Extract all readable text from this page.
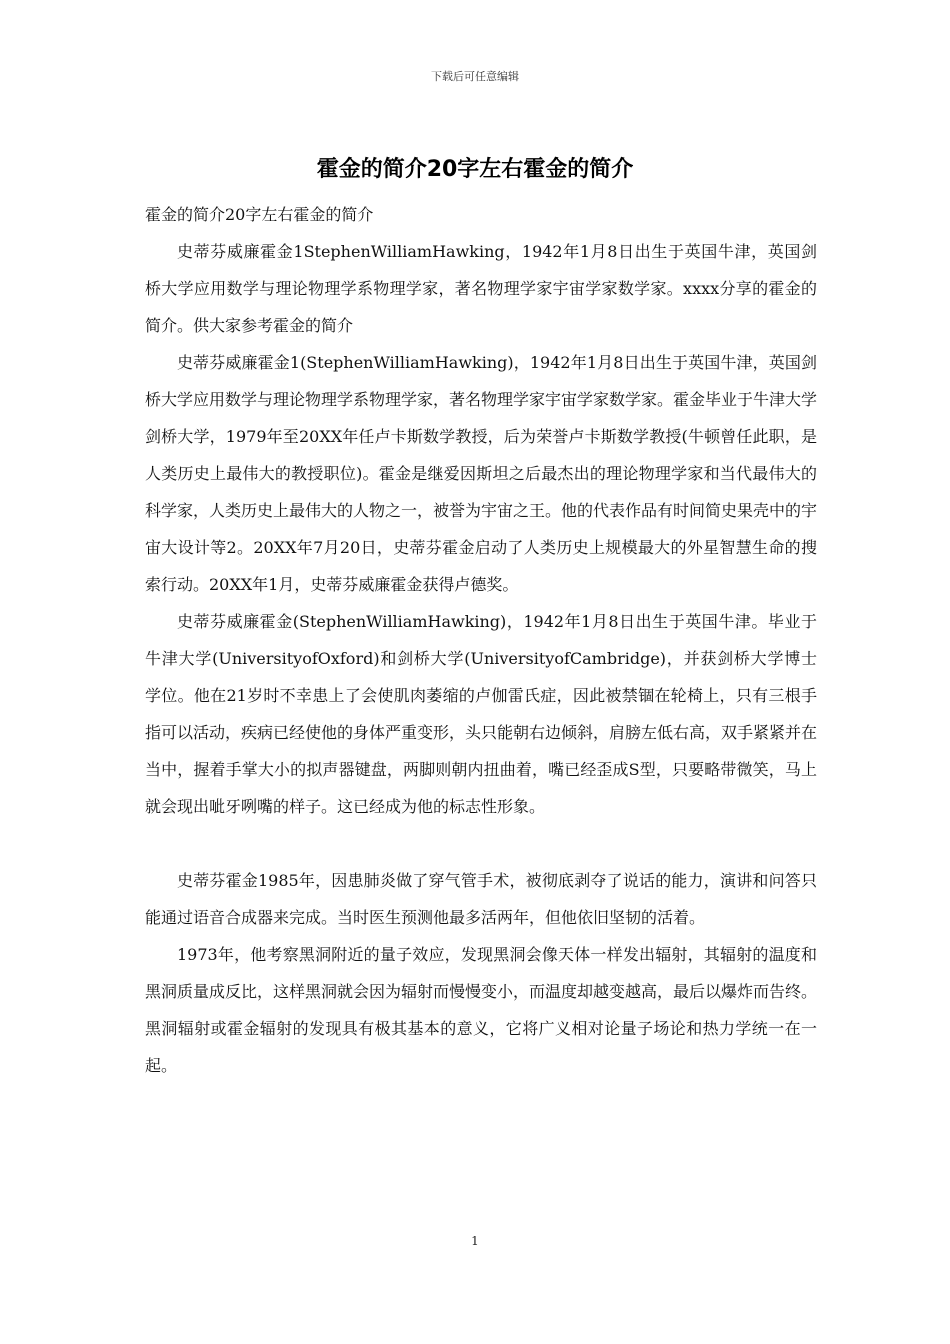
下载后可任意编辑
霍金的简介20字左右霍金的简介

霍金的简介20字左右霍金的简介

史蒂芬威廉霍金1StephenWilliamHawking，1942年1月8日出生于英国牛津，英国剑桥大学应用数学与理论物理学系物理学家，著名物理学家宇宙学家数学家。xxxx分享的霍金的简介。供大家参考霍金的简介

史蒂芬威廉霍金1(StephenWilliamHawking)，1942年1月8日出生于英国牛津，英国剑桥大学应用数学与理论物理学系物理学家，著名物理学家宇宙学家数学家。霍金毕业于牛津大学剑桥大学，1979年至20XX年任卢卡斯数学教授，后为荣誉卢卡斯数学教授(牛顿曾任此职，是人类历史上最伟大的教授职位)。霍金是继爱因斯坦之后最杰出的理论物理学家和当代最伟大的科学家，人类历史上最伟大的人物之一，被誉为宇宙之王。他的代表作品有时间简史果壳中的宇宙大设计等2。20XX年7月20日，史蒂芬霍金启动了人类历史上规模最大的外星智慧生命的搜索行动。20XX年1月，史蒂芬威廉霍金获得卢德奖。

史蒂芬威廉霍金(StephenWilliamHawking)，1942年1月8日出生于英国牛津。毕业于牛津大学(UniversityofOxford)和剑桥大学(UniversityofCambridge)，并获剑桥大学博士学位。他在21岁时不幸患上了会使肌肉萎缩的卢伽雷氏症，因此被禁锢在轮椅上，只有三根手指可以活动，疾病已经使他的身体严重变形，头只能朝右边倾斜，肩膀左低右高，双手紧紧并在当中，握着手掌大小的拟声器键盘，两脚则朝内扭曲着，嘴已经歪成S型，只要略带微笑，马上就会现出呲牙咧嘴的样子。这已经成为他的标志性形象。

史蒂芬霍金1985年，因患肺炎做了穿气管手术，被彻底剥夺了说话的能力，演讲和问答只能通过语音合成器来完成。当时医生预测他最多活两年，但他依旧坚韧的活着。

1973年，他考察黑洞附近的量子效应，发现黑洞会像天体一样发出辐射，其辐射的温度和黑洞质量成反比，这样黑洞就会因为辐射而慢慢变小，而温度却越变越高，最后以爆炸而告终。黑洞辐射或霍金辐射的发现具有极其基本的意义，它将广义相对论量子场论和热力学统一在一起。

1
